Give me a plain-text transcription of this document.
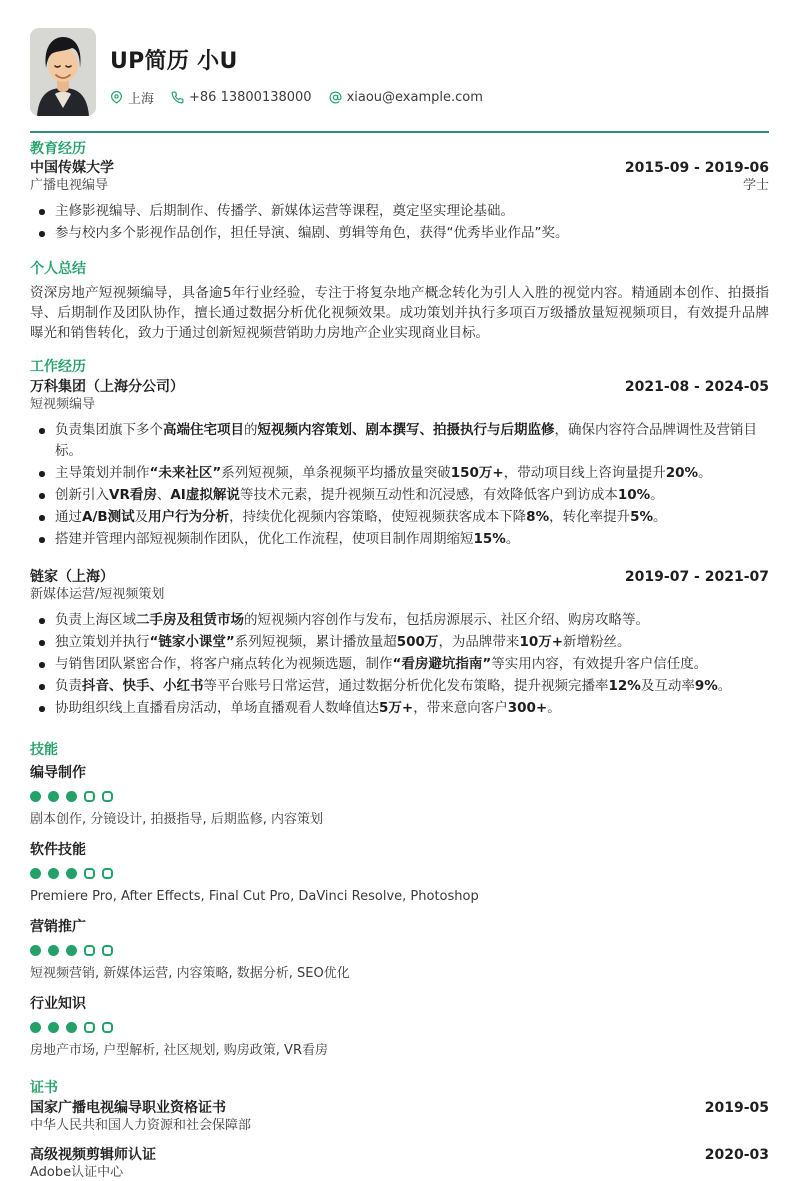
UP简历 小U
上海	+86 13800138000	xiaou@example.com
教育经历
中国传媒大学	2015-09 - 2019-06
广播电视编导	学士
主修影视编导、后期制作、传播学、新媒体运营等课程，奠定坚实理论基础。
参与校内多个影视作品创作，担任导演、编剧、剪辑等角色，获得“优秀毕业作品”奖。
个人总结

资深房地产短视频编导，具备逾5年行业经验，专注于将复杂地产概念转化为引人入胜的视觉内容。精通剧本创作、拍摄指导、后期制作及团队协作，擅长通过数据分析优化视频效果。成功策划并执行多项百万级播放量短视频项目，有效提升品牌曝光和销售转化，致力于通过创新短视频营销助力房地产企业实现商业目标。

工作经历
万科集团（上海分公司）	2021-08 - 2024-05
短视频编导
负责集团旗下多个高端住宅项目的短视频内容策划、剧本撰写、拍摄执行与后期监修，确保内容符合品牌调性及营销目标。
主导策划并制作“未来社区”系列短视频，单条视频平均播放量突破150万+，带动项目线上咨询量提升20%。
创新引入VR看房、AI虚拟解说等技术元素，提升视频互动性和沉浸感，有效降低客户到访成本10%。
通过A/B测试及用户行为分析，持续优化视频内容策略，使短视频获客成本下降8%，转化率提升5%。
搭建并管理内部短视频制作团队，优化工作流程，使项目制作周期缩短15%。
链家（上海）	2019-07 - 2021-07
新媒体运营/短视频策划
负责上海区域二手房及租赁市场的短视频内容创作与发布，包括房源展示、社区介绍、购房攻略等。
独立策划并执行“链家小课堂”系列短视频，累计播放量超500万，为品牌带来10万+新增粉丝。
与销售团队紧密合作，将客户痛点转化为视频选题，制作“看房避坑指南”等实用内容，有效提升客户信任度。
负责抖音、快手、小红书等平台账号日常运营，通过数据分析优化发布策略，提升视频完播率12%及互动率9%。
协助组织线上直播看房活动，单场直播观看人数峰值达5万+，带来意向客户300+。
技能
编导制作
剧本创作, 分镜设计, 拍摄指导, 后期监修, 内容策划
软件技能
Premiere Pro, After Effects, Final Cut Pro, DaVinci Resolve, Photoshop
营销推广
短视频营销, 新媒体运营, 内容策略, 数据分析, SEO优化
行业知识
房地产市场, 户型解析, 社区规划, 购房政策, VR看房
证书
国家广播电视编导职业资格证书	2019-05
中华人民共和国人力资源和社会保障部
高级视频剪辑师认证	2020-03
Adobe认证中心
